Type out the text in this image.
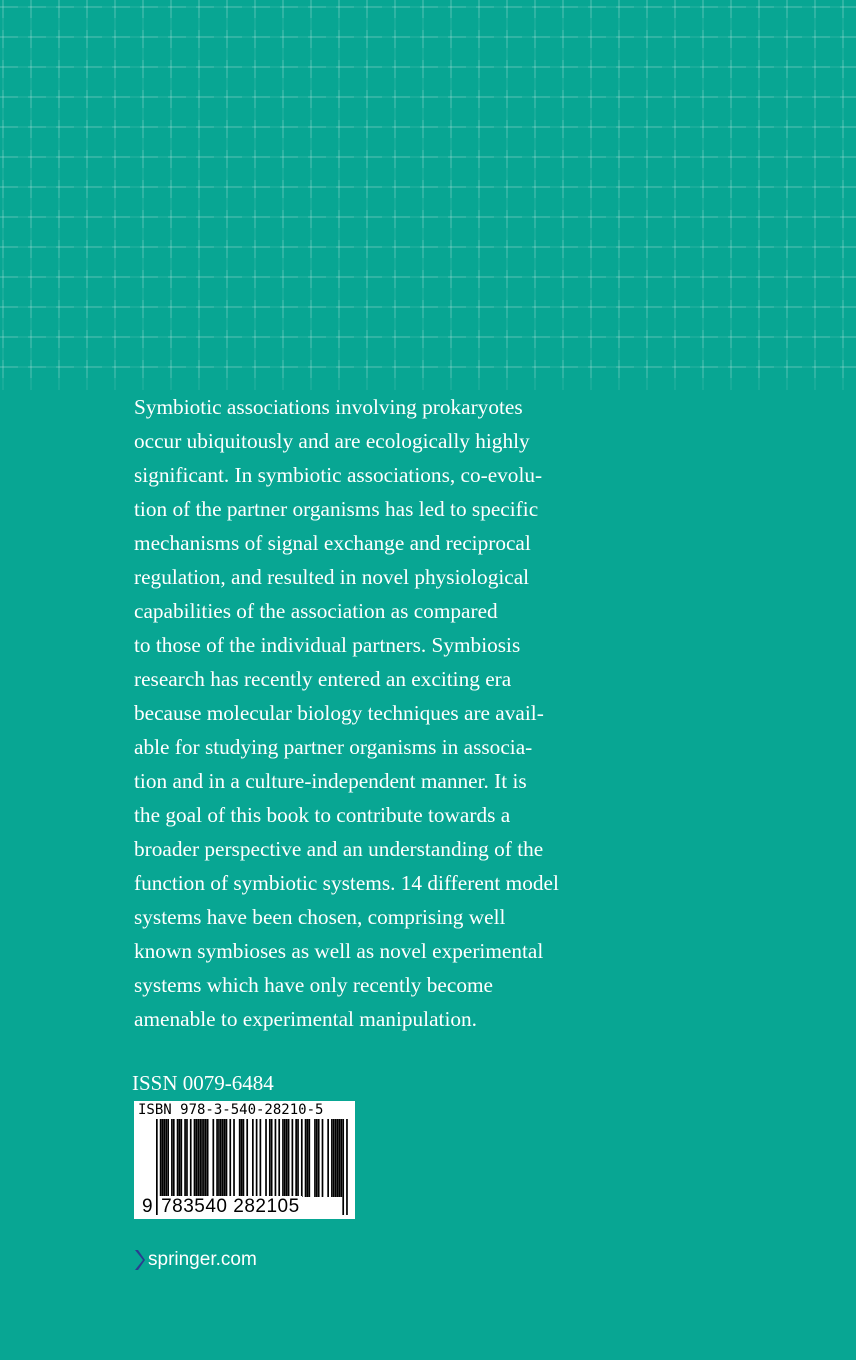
Symbiotic associations involving prokaryotes
occur ubiquitously and are ecologically highly
significant. In symbiotic associations, co-evolu-
tion of the partner organisms has led to specific
mechanisms of signal exchange and reciprocal
regulation, and resulted in novel physiological
capabilities of the association as compared
to those of the individual partners. Symbiosis
research has recently entered an exciting era
because molecular biology techniques are avail-
able for studying partner organisms in associa-
tion and in a culture-independent manner. It is
the goal of this book to contribute towards a
broader perspective and an understanding of the
function of symbiotic systems. 14 different model
systems have been chosen, comprising well
known symbioses as well as novel experimental
systems which have only recently become
amenable to experimental manipulation.

ISSN 0079-6484

ISBN 978-3-540-28210-5
9 783540 282105
springer.com
